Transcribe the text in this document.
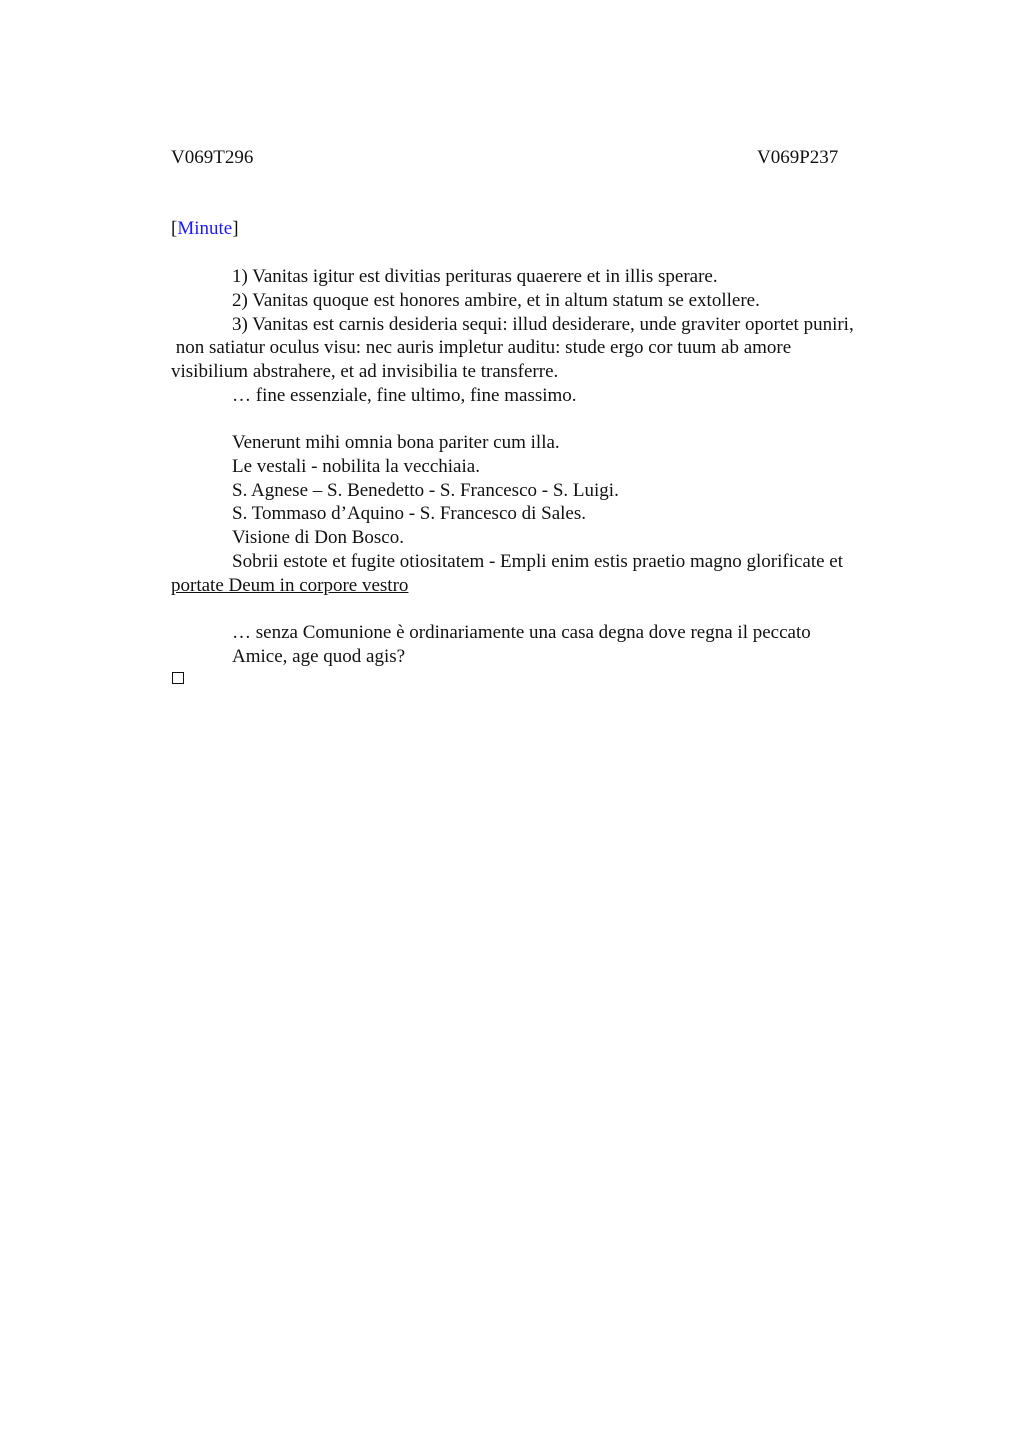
V069T296	V069P237
[Minute]

1) Vanitas igitur est divitias perituras quaerere et in illis sperare.

2) Vanitas quoque est honores ambire, et in altum statum se extollere.

3) Vanitas est carnis desideria sequi: illud desiderare, unde graviter oportet puniri,

non satiatur oculus visu: nec auris impletur auditu: stude ergo cor tuum ab amore

visibilium abstrahere, et ad invisibilia te transferre.

… fine essenziale, fine ultimo, fine massimo.

Venerunt mihi omnia bona pariter cum illa.

Le vestali - nobilita la vecchiaia.

S. Agnese – S. Benedetto - S. Francesco - S. Luigi.

S. Tommaso d’Aquino - S. Francesco di Sales.

Visione di Don Bosco.

Sobrii estote et fugite otiositatem - Empli enim estis praetio magno glorificate et

portate Deum in corpore vestro

… senza Comunione è ordinariamente una casa degna dove regna il peccato

Amice, age quod agis?
